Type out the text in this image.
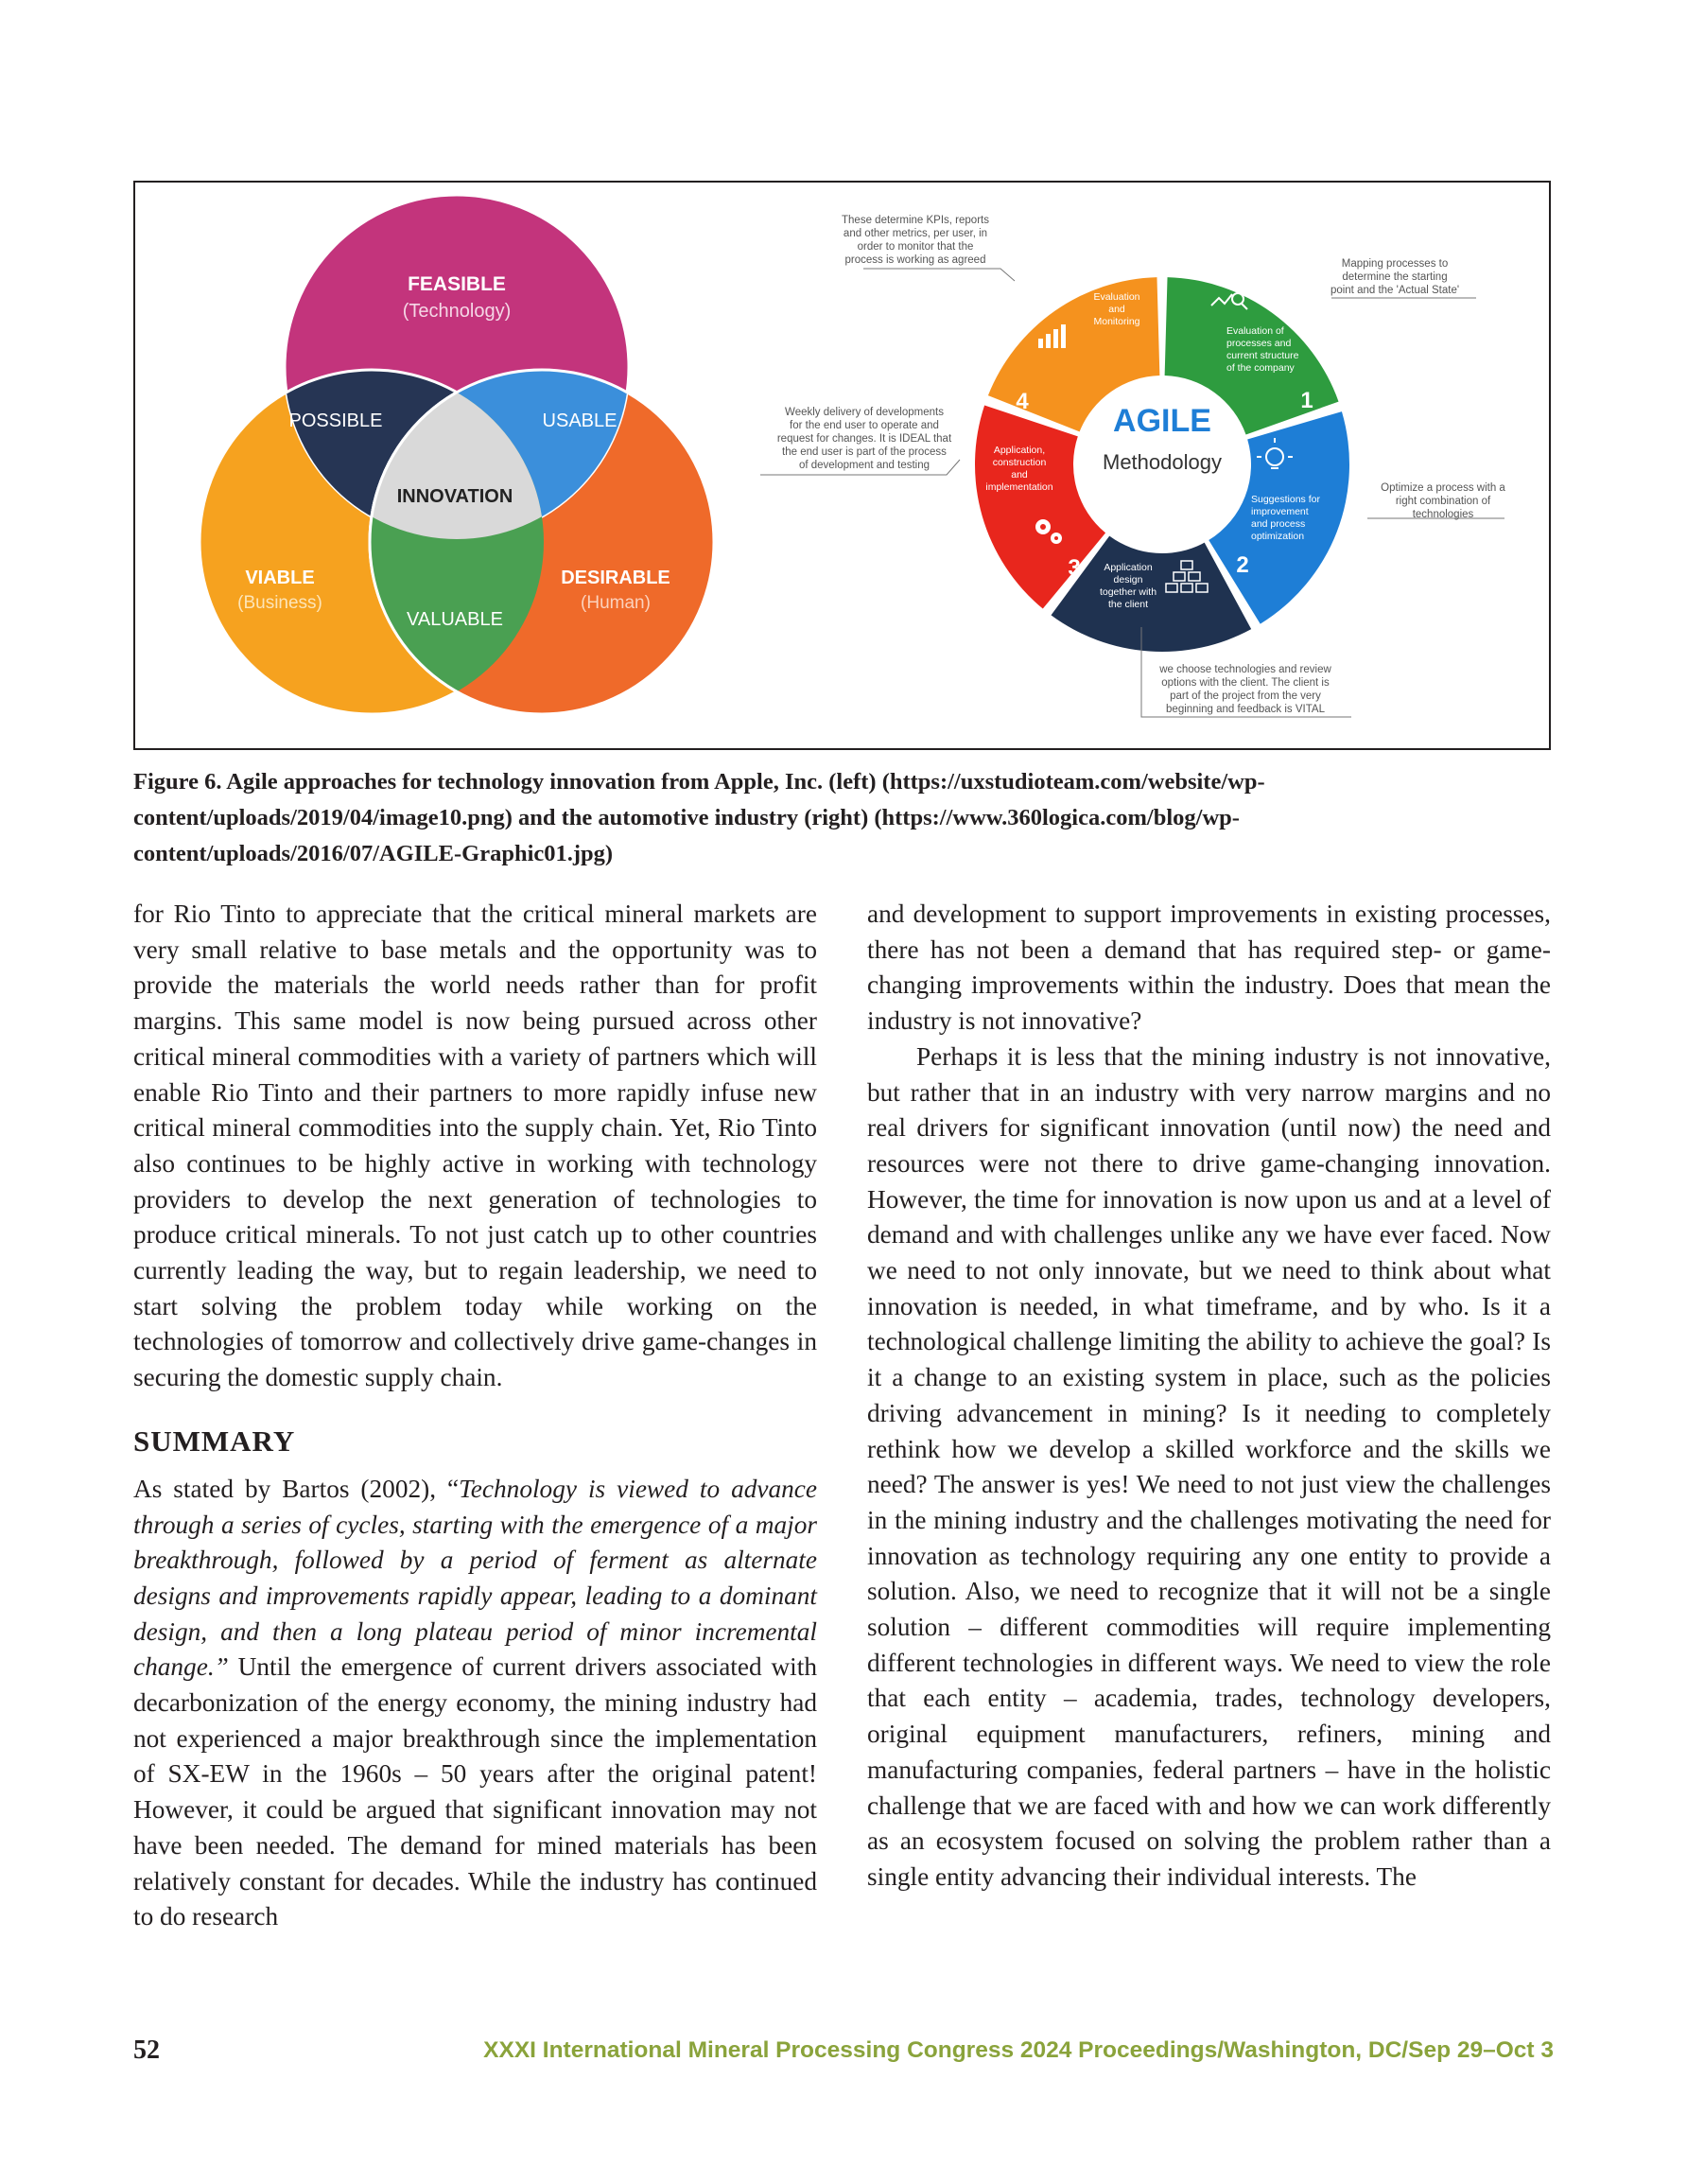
FEASIBLE
(Technology)
POSSIBLE	USABLE
INNOVATION
VIABLE
(Business)
DESIRABLE
(Human)
VALUABLE
AGILE
Methodology
1
2
3
4
5
Evaluation of
processes and
current structure
of the company
Suggestions for
improvement
and process
optimization
Application
design
together with
the client
Application,
construction
and
implementation
Evaluation
and
Monitoring
These determine KPIs, reports
and other metrics, per user, in
order to monitor that the
process is working as agreed	Mapping processes to
determine the starting
point and the 'Actual State'
Weekly delivery of developments
for the end user to operate and
request for changes. It is IDEAL that
the end user is part of the process
of development and testing
Optimize a process with a
right combination of
technologies
we choose technologies and review
options with the client. The client is
part of the project from the very
beginning and feedback is VITAL
Figure 6. Agile approaches for technology innovation from Apple, Inc. (left) (https://uxstudioteam.com/website/wp-content/uploads/2019/04/image10.png) and the automotive industry (right) (https://www.360logica.com/blog/wp-content/uploads/2016/07/AGILE-Graphic01.jpg)

for Rio Tinto to appreciate that the critical mineral markets are very small relative to base metals and the opportunity was to provide the materials the world needs rather than for profit margins. This same model is now being pursued across other critical mineral commodities with a variety of partners which will enable Rio Tinto and their partners to more rapidly infuse new critical mineral commodities into the supply chain. Yet, Rio Tinto also continues to be highly active in working with technology providers to develop the next generation of technologies to produce critical minerals. To not just catch up to other countries currently leading the way, but to regain leadership, we need to start solving the problem today while working on the technologies of tomorrow and collectively drive game-changes in securing the domestic supply chain.

SUMMARY

As stated by Bartos (2002), “Technology is viewed to advance through a series of cycles, starting with the emergence of a major breakthrough, followed by a period of ferment as alternate designs and improvements rapidly appear, leading to a dominant design, and then a long plateau period of minor incremental change.” Until the emergence of current drivers associated with decarbonization of the energy economy, the mining industry had not experienced a major breakthrough since the implementation of SX-EW in the 1960s – 50 years after the original patent! However, it could be argued that significant innovation may not have been needed. The demand for mined materials has been relatively constant for decades. While the industry has continued to do research

and development to support improvements in existing processes, there has not been a demand that has required step- or game-changing improvements within the industry. Does that mean the industry is not innovative?

Perhaps it is less that the mining industry is not innovative, but rather that in an industry with very narrow margins and no real drivers for significant innovation (until now) the need and resources were not there to drive game-changing innovation. However, the time for innovation is now upon us and at a level of demand and with challenges unlike any we have ever faced. Now we need to not only innovate, but we need to think about what innovation is needed, in what timeframe, and by who. Is it a technological challenge limiting the ability to achieve the goal? Is it a change to an existing system in place, such as the policies driving advancement in mining? Is it needing to completely rethink how we develop a skilled workforce and the skills we need? The answer is yes! We need to not just view the challenges in the mining industry and the challenges motivating the need for innovation as technology requiring any one entity to provide a solution. Also, we need to recognize that it will not be a single solution – different commodities will require implementing different technologies in different ways. We need to view the role that each entity – academia, trades, technology developers, original equipment manufacturers, refiners, mining and manufacturing companies, federal partners – have in the holistic challenge that we are faced with and how we can work differently as an ecosystem focused on solving the problem rather than a single entity advancing their individual interests. The

52	XXXI International Mineral Processing Congress 2024 Proceedings/Washington, DC/Sep 29–Oct 3
